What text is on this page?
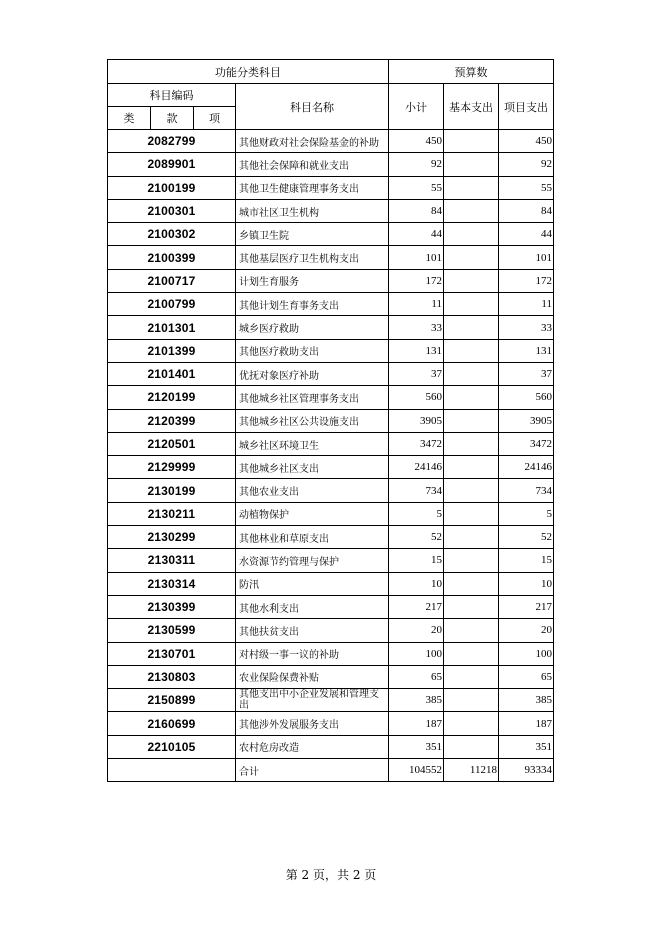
功能分类科目				预算数		
科目编码			科目名称	小计	基本支出	项目支出
类	款	项				
2082799			其他财政对社会保险基金的补助	450		450
2089901			其他社会保障和就业支出	92		92
2100199			其他卫生健康管理事务支出	55		55
2100301			城市社区卫生机构	84		84
2100302			乡镇卫生院	44		44
2100399			其他基层医疗卫生机构支出	101		101
2100717			计划生育服务	172		172
2100799			其他计划生育事务支出	11		11
2101301			城乡医疗救助	33		33
2101399			其他医疗救助支出	131		131
2101401			优抚对象医疗补助	37		37
2120199			其他城乡社区管理事务支出	560		560
2120399			其他城乡社区公共设施支出	3905		3905
2120501			城乡社区环境卫生	3472		3472
2129999			其他城乡社区支出	24146		24146
2130199			其他农业支出	734		734
2130211			动植物保护	5		5
2130299			其他林业和草原支出	52		52
2130311			水资源节约管理与保护	15		15
2130314			防汛	10		10
2130399			其他水利支出	217		217
2130599			其他扶贫支出	20		20
2130701			对村级一事一议的补助	100		100
2130803			农业保险保费补贴	65		65
2150899			其他支出中小企业发展和管理支出	385		385
2160699			其他涉外发展服务支出	187		187
2210105			农村危房改造	351		351
			合计	104552	11218	93334
第 2 页，共 2 页
